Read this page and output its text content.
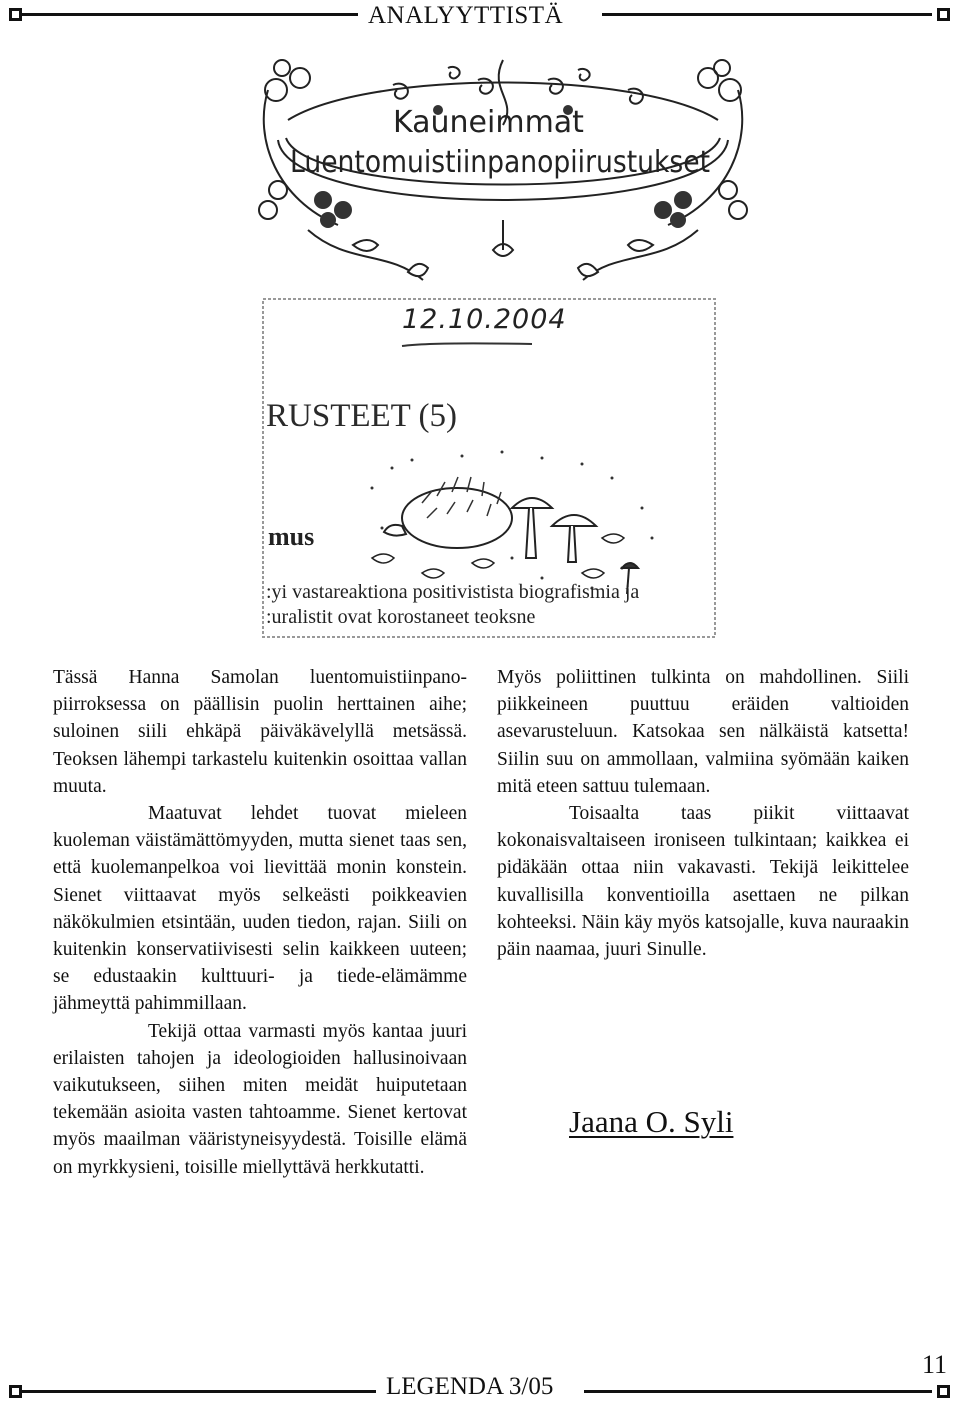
ANALYYTTISTÄ
Kauneimmat
Luentomuistiinpanopiirustukset
12.10.2004
RUSTEET (5)
mus
:yi vastareaktiona positivistista biografismia ja
:uralistit ovat korostaneet teoksne

Tässä Hanna Samolan luentomuistiinpanopiirroksessa on päällisin puolin herttainen aihe; suloinen siili ehkäpä päiväkävelyllä metsässä. Teoksen lähempi tarkastelu kuitenkin osoittaa vallan muuta.

Maatuvat lehdet tuovat mieleen kuoleman väistämättömyyden, mutta sienet taas sen, että kuolemanpelkoa voi lievittää monin konstein. Sienet viittaavat myös selkeästi poikkeavien näkökulmien etsintään, uuden tiedon, rajan. Siili on kuitenkin konservatiivisesti selin kaikkeen uuteen; se edustaakin kulttuuri- ja tiede-elämämme jähmeyttä pahimmillaan.

Tekijä ottaa varmasti myös kantaa juuri erilaisten tahojen ja ideologioiden hallusinoivaan vaikutukseen, siihen miten meidät huiputetaan tekemään asioita vasten tahtoamme. Sienet kertovat myös maailman vääristyneisyydestä. Toisille elämä on myrkkysieni, toisille miellyttävä herkkutatti.

Myös poliittinen tulkinta on mahdollinen. Siili piikkeineen puuttuu eräiden valtioiden asevarusteluun. Katsokaa sen nälkäistä katsetta! Siilin suu on ammollaan, valmiina syömään kaiken mitä eteen sattuu tulemaan.

Toisaalta taas piikit viittaavat kokonaisvaltaiseen ironiseen tulkintaan; kaikkea ei pidäkään ottaa niin vakavasti. Tekijä leikittelee kuvallisilla konventioilla asettaen ne pilkan kohteeksi. Näin käy myös katsojalle, kuva nauraakin päin naamaa, juuri Sinulle.

Jaana O. Syli
11
LEGENDA 3/05
